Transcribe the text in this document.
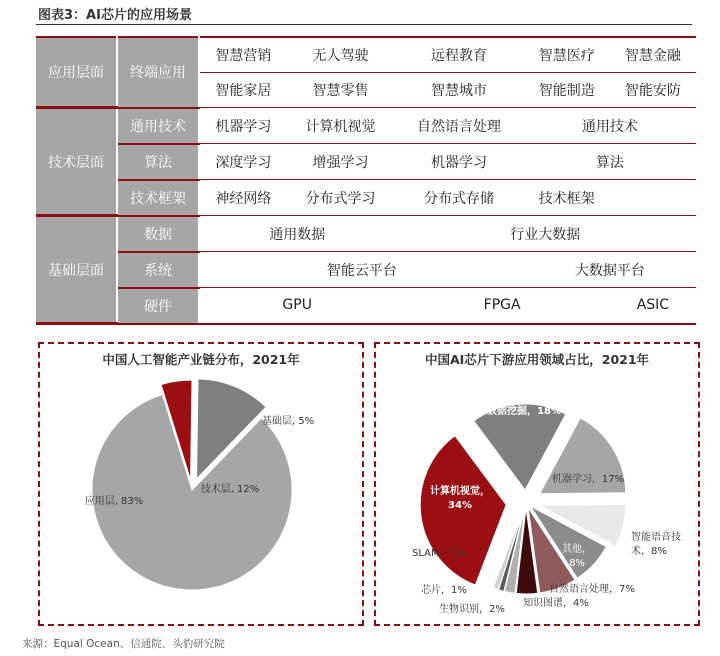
图表3：AI芯片的应用场景
应用层面	终端应用	智慧营销	无人驾驶	远程教育	智慧医疗	智慧金融
		智能家居	智慧零售	智慧城市	智能制造	智能安防
技术层面	通用技术	机器学习	计算机视觉	自然语言处理	通用技术	
	算法	深度学习	增强学习	机器学习	算法	
	技术框架	神经网络	分布式学习	分布式存储	技术框架	
基础层面	数据	通用数据		行业大数据		
	系统	智能云平台			大数据平台	
	硬件	GPU		FPGA		ASIC
中国人工智能产业链分布，2021年
应用层, 83%
基础层, 5%
技术层, 12%
中国AI芯片下游应用领域占比，2021年
计算机视觉， 34%
数据挖掘，18%
机器学习，17%
智能语音技术，8%
其他， 8%
自然语言处理，7%
知识图谱，4%
生物识别，2%
芯片，1%
SLAM，1%
来源：Equal Ocean、信通院、头豹研究院
